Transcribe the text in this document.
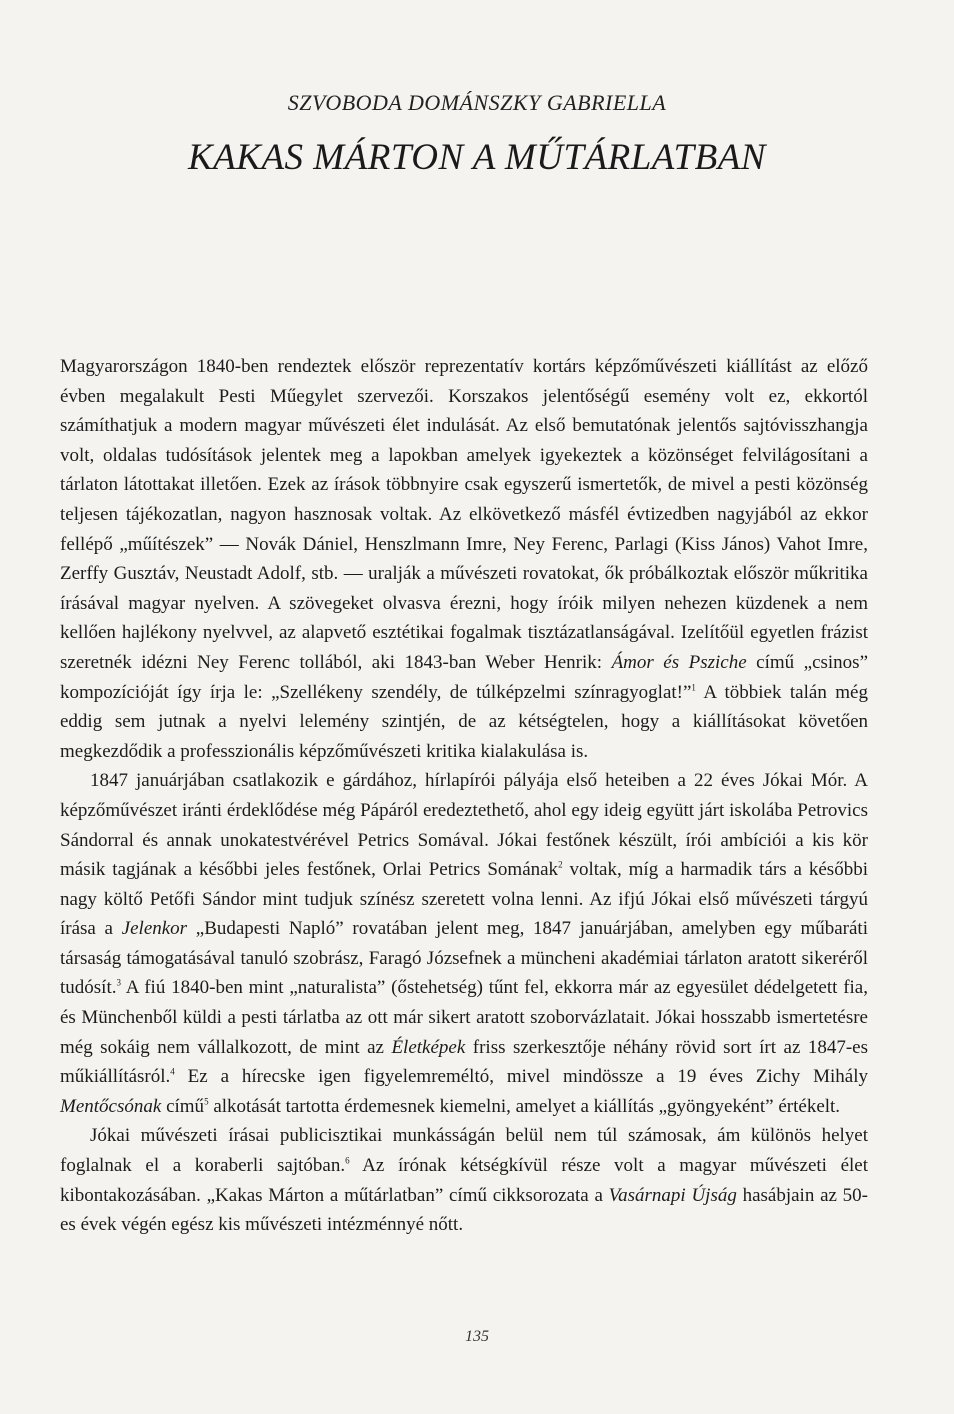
SZVOBODA DOMÁNSZKY GABRIELLA
KAKAS MÁRTON A MŰTÁRLATBAN

Magyarországon 1840-ben rendeztek először reprezentatív kortárs képzőművészeti kiállítást az előző évben megalakult Pesti Műegylet szervezői. Korszakos jelentőségű esemény volt ez, ekkortól számíthatjuk a modern magyar művészeti élet indulását. Az első bemutatónak jelentős sajtóvisszhangja volt, oldalas tudósítások jelentek meg a lapokban amelyek igyekeztek a közönséget felvilágosítani a tárlaton látottakat illetően. Ezek az írások többnyire csak egyszerű ismertetők, de mivel a pesti közönség teljesen tájékozatlan, nagyon hasznosak voltak. Az elkövetkező másfél évtizedben nagyjából az ekkor fellépő „műítészek” — Novák Dániel, Henszlmann Imre, Ney Ferenc, Parlagi (Kiss János) Vahot Imre, Zerffy Gusztáv, Neustadt Adolf, stb. — uralják a művészeti rovatokat, ők próbálkoztak először műkritika írásával magyar nyelven. A szövegeket olvasva érezni, hogy íróik milyen nehezen küzdenek a nem kellően hajlékony nyelvvel, az alapvető esztétikai fogalmak tisztázatlanságával. Izelítőül egyetlen frázist szeretnék idézni Ney Ferenc tollából, aki 1843-ban Weber Henrik: Ámor és Psziche című „csinos” kompozícióját így írja le: „Szellékeny szendély, de túlképzelmi színragyoglat!”$^1$ A többiek talán még eddig sem jutnak a nyelvi lelemény szintjén, de az kétségtelen, hogy a kiállításokat követően megkezdődik a professzionális képzőművészeti kritika kialakulása is.

1847 januárjában csatlakozik e gárdához, hírlapírói pályája első heteiben a 22 éves Jókai Mór. A képzőművészet iránti érdeklődése még Pápáról eredeztethető, ahol egy ideig együtt járt iskolába Petrovics Sándorral és annak unokatestvérével Petrics Somával. Jókai festőnek készült, írói ambíciói a kis kör másik tagjának a későbbi jeles festőnek, Orlai Petrics Somának$^2$ voltak, míg a harmadik társ a későbbi nagy költő Petőfi Sándor mint tudjuk színész szeretett volna lenni. Az ifjú Jókai első művészeti tárgyú írása a Jelenkor „Budapesti Napló” rovatában jelent meg, 1847 januárjában, amelyben egy műbaráti társaság támogatásával tanuló szobrász, Faragó Józsefnek a müncheni akadémiai tárlaton aratott sikeréről tudósít.$^3$ A fiú 1840-ben mint „naturalista” (őstehetség) tűnt fel, ekkorra már az egyesület dédelgetett fia, és Münchenből küldi a pesti tárlatba az ott már sikert aratott szoborvázlatait. Jókai hosszabb ismertetésre még sokáig nem vállalkozott, de mint az Életképek friss szerkesztője néhány rövid sort írt az 1847-es műkiállításról.$^4$ Ez a hírecske igen figyelemreméltó, mivel mindössze a 19 éves Zichy Mihály Mentőcsónak című$^5$ alkotását tartotta érdemesnek kiemelni, amelyet a kiállítás „gyöngyeként” értékelt.

Jókai művészeti írásai publicisztikai munkásságán belül nem túl számosak, ám különös helyet foglalnak el a koraberli sajtóban.$^6$ Az írónak kétségkívül része volt a magyar művészeti élet kibontakozásában. „Kakas Márton a műtárlatban” című cikksorozata a Vasárnapi Újság hasábjain az 50-es évek végén egész kis művészeti intézménnyé nőtt.

135
